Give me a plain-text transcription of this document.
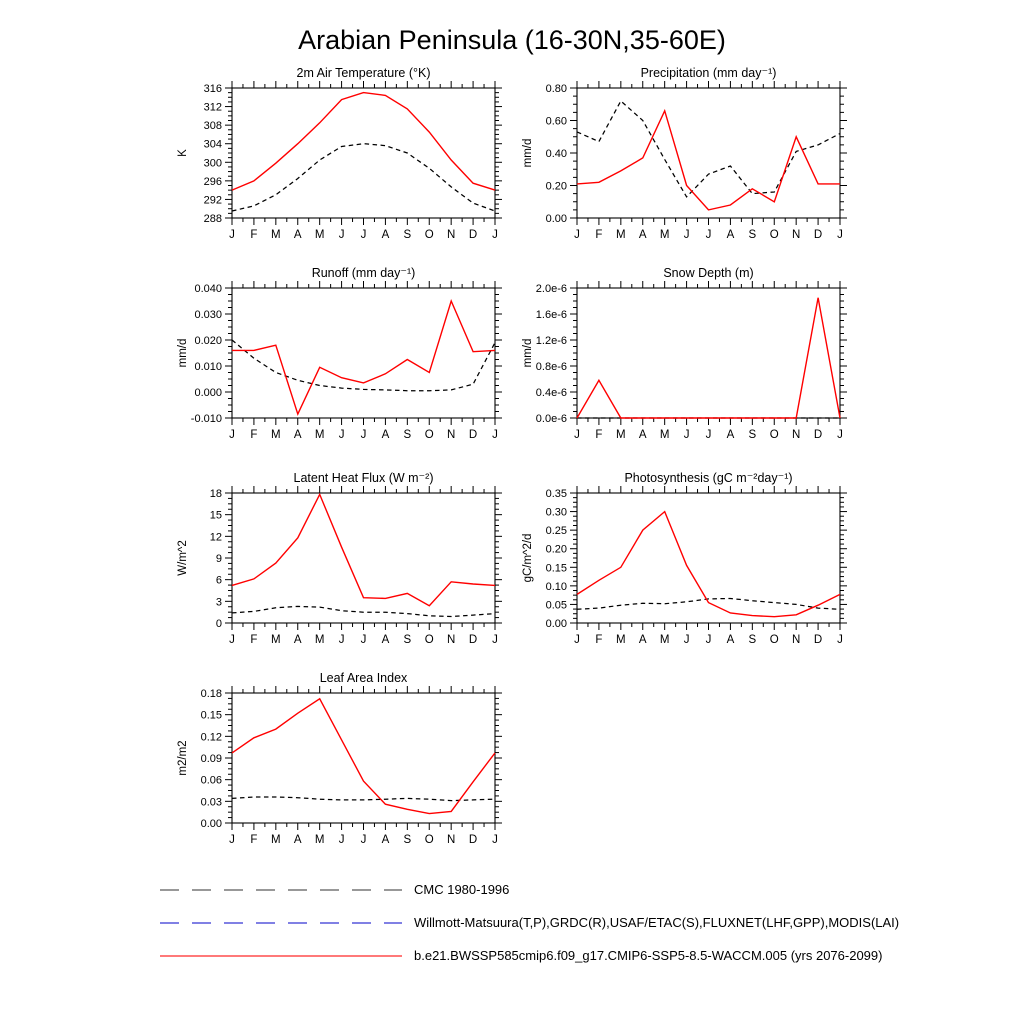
Arabian Peninsula (16-30N,35-60E)
288
292
296
300
304
308
312
316
J F M A M J J A S O N D J
2m Air Temperature (°K)
K
0.00
0.20
0.40
0.60
0.80
J F M A M J J A S O N D J
Precipitation (mm day⁻¹)
mm/d
-0.010
0.000
0.010
0.020
0.030
0.040
J F M A M J J A S O N D J
Runoff (mm day⁻¹)
mm/d
0.0e-6
0.4e-6
0.8e-6
1.2e-6
1.6e-6
2.0e-6
J F M A M J J A S O N D J
Snow Depth (m)
mm/d
0
3
6
9
12
15
18
J F M A M J J A S O N D J
Latent Heat Flux (W m⁻²)
W/m^2
0.00
0.05
0.10
0.15
0.20
0.25
0.30
0.35
J F M A M J J A S O N D J
Photosynthesis (gC m⁻²day⁻¹)
gC/m^2/d
0.00
0.03
0.06
0.09
0.12
0.15
0.18
J F M A M J J A S O N D J
Leaf Area Index
m2/m2
CMC 1980-1996
Willmott-Matsuura(T,P),GRDC(R),USAF/ETAC(S),FLUXNET(LHF,GPP),MODIS(LAI)
b.e21.BWSSP585cmip6.f09_g17.CMIP6-SSP5-8.5-WACCM.005 (yrs 2076-2099)
